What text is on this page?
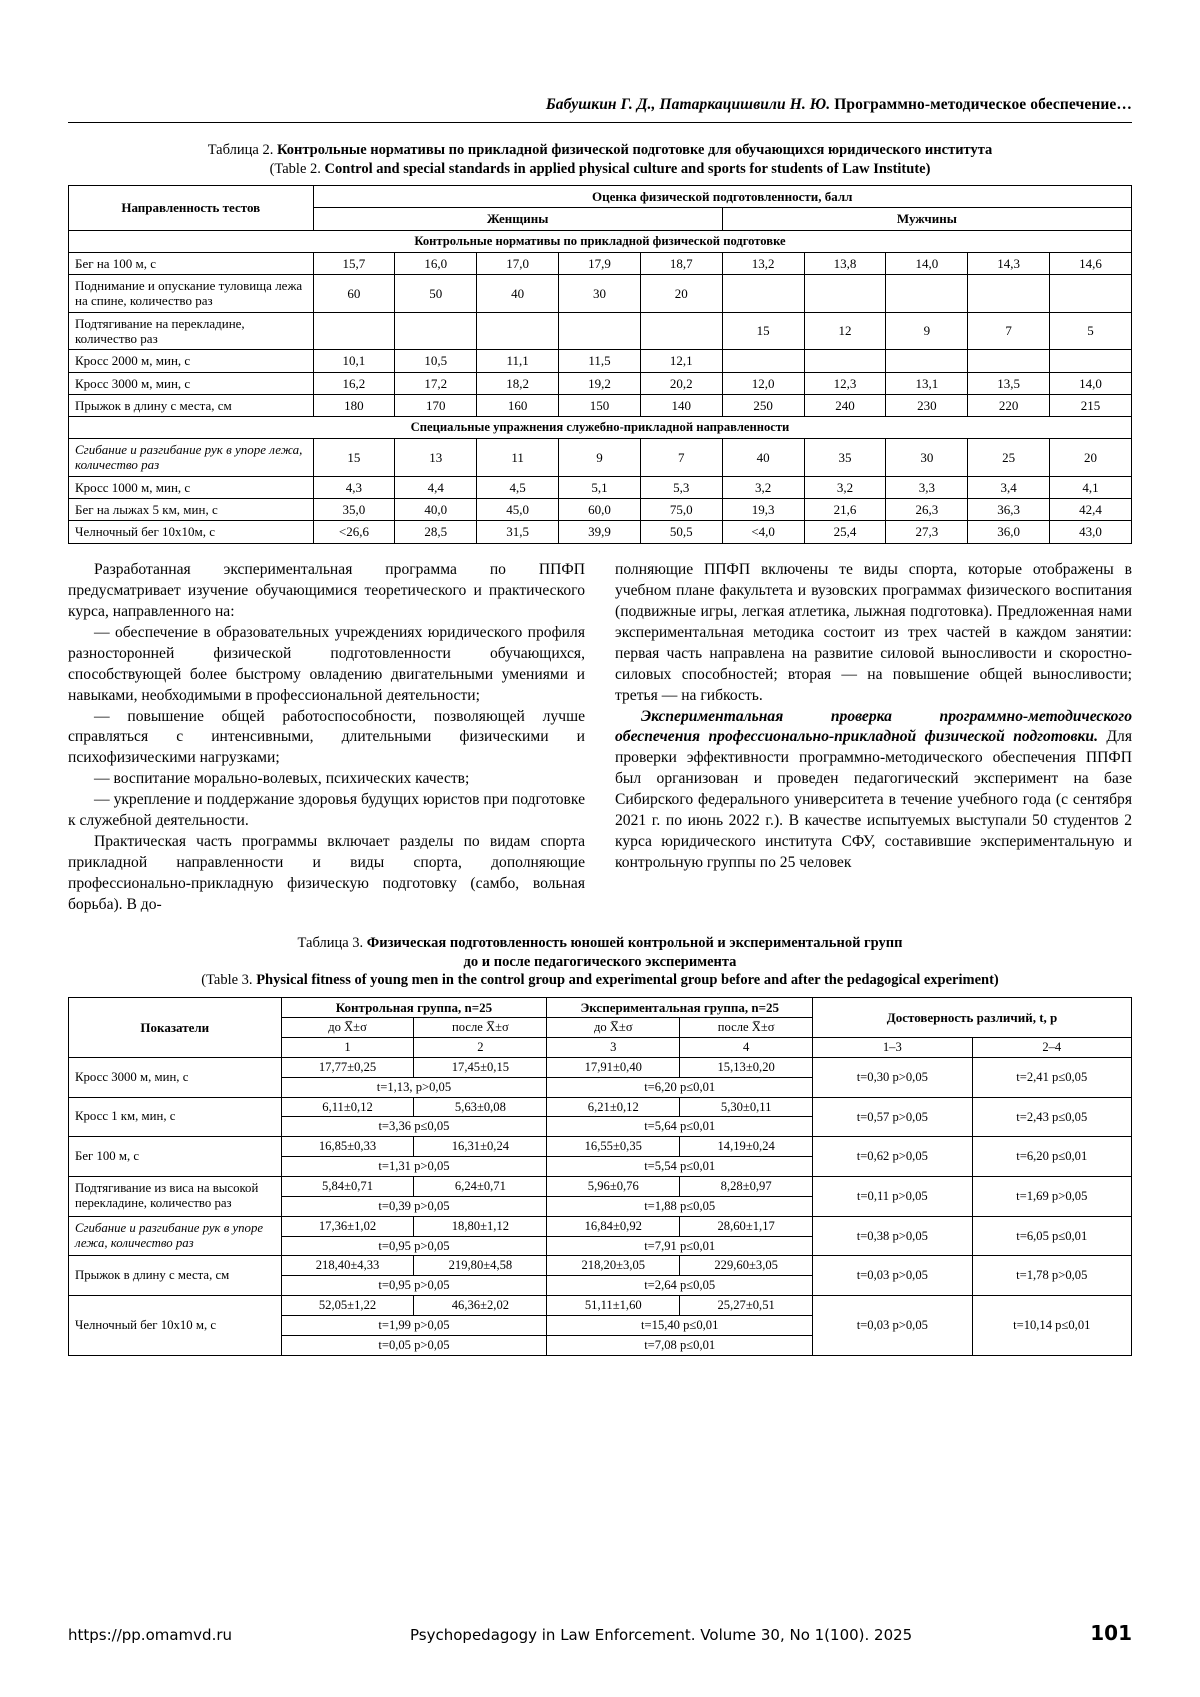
Бабушкин Г. Д., Патаркацишвили Н. Ю. Программно-методическое обеспечение…
Таблица 2. Контрольные нормативы по прикладной физической подготовке для обучающихся юридического института
(Table 2. Control and special standards in applied physical culture and sports for students of Law Institute)
Направленность тестов	Оценка физической подготовленности, балл									
	Женщины					Мужчины				
Контрольные нормативы по прикладной физической подготовке										
Бег на 100 м, с	15,7	16,0	17,0	17,9	18,7	13,2	13,8	14,0	14,3	14,6
Поднимание и опускание туловища лежа на спине, количество раз	60	50	40	30	20					
Подтягивание на перекладине, количество раз						15	12	9	7	5
Кросс 2000 м, мин, с	10,1	10,5	11,1	11,5	12,1					
Кросс 3000 м, мин, с	16,2	17,2	18,2	19,2	20,2	12,0	12,3	13,1	13,5	14,0
Прыжок в длину с места, см	180	170	160	150	140	250	240	230	220	215
Специальные упражнения служебно-прикладной направленности										
Сгибание и разгибание рук в упоре лежа, количество раз	15	13	11	9	7	40	35	30	25	20
Кросс 1000 м, мин, с	4,3	4,4	4,5	5,1	5,3	3,2	3,2	3,3	3,4	4,1
Бег на лыжах 5 км, мин, с	35,0	40,0	45,0	60,0	75,0	19,3	21,6	26,3	36,3	42,4
Челночный бег 10х10м, с	<26,6	28,5	31,5	39,9	50,5	<4,0	25,4	27,3	36,0	43,0

Разработанная экспериментальная программа по ППФП предусматривает изучение обучающимися теоретического и практического курса, направленного на:

— обеспечение в образовательных учреждениях юридического профиля разносторонней физической подготовленности обучающихся, способствующей более быстрому овладению двигательными умениями и навыками, необходимыми в профессиональной деятельности;

— повышение общей работоспособности, позволяющей лучше справляться с интенсивными, длительными физическими и психофизическими нагрузками;

— воспитание морально-волевых, психических качеств;

— укрепление и поддержание здоровья будущих юристов при подготовке к служебной деятельности.

Практическая часть программы включает разделы по видам спорта прикладной направленности и виды спорта, дополняющие профессионально-прикладную физическую подготовку (самбо, вольная борьба). В до-

полняющие ППФП включены те виды спорта, которые отображены в учебном плане факультета и вузовских программах физического воспитания (подвижные игры, легкая атлетика, лыжная подготовка). Предложенная нами экспериментальная методика состоит из трех частей в каждом занятии: первая часть направлена на развитие силовой выносливости и скоростно-силовых способностей; вторая — на повышение общей выносливости; третья — на гибкость.

Экспериментальная проверка программно-методического обеспечения профессионально-прикладной физической подготовки. Для проверки эффективности программно-методического обеспечения ППФП был организован и проведен педагогический эксперимент на базе Сибирского федерального университета в течение учебного года (с сентября 2021 г. по июнь 2022 г.). В качестве испытуемых выступали 50 студентов 2 курса юридического института СФУ, составившие экспериментальную и контрольную группы по 25 человек

Таблица 3. Физическая подготовленность юношей контрольной и экспериментальной групп
до и после педагогического эксперимента
(Table 3. Physical fitness of young men in the control group and experimental group before and after the pedagogical experiment)
Показатели	Контрольная группа, n=25		Экспериментальная группа, n=25		Достоверность различий, t, p	
	до X̅±σ	после X̅±σ	до X̅±σ	после X̅±σ		
	1	2	3	4	1–3	2–4
Кросс 3000 м, мин, с	17,77±0,25	17,45±0,15	17,91±0,40	15,13±0,20	t=0,30 p>0,05	t=2,41 p≤0,05
	t=1,13, p>0,05		t=6,20 p≤0,01			
Кросс 1 км, мин, с	6,11±0,12	5,63±0,08	6,21±0,12	5,30±0,11	t=0,57 p>0,05	t=2,43 p≤0,05
	t=3,36 p≤0,05		t=5,64 p≤0,01			
Бег 100 м, с	16,85±0,33	16,31±0,24	16,55±0,35	14,19±0,24	t=0,62 p>0,05	t=6,20 p≤0,01
	t=1,31 p>0,05		t=5,54 p≤0,01			
Подтягивание из виса на высокой перекладине, количество раз	5,84±0,71	6,24±0,71	5,96±0,76	8,28±0,97	t=0,11 p>0,05	t=1,69 p>0,05
	t=0,39 p>0,05		t=1,88 p≤0,05			
Сгибание и разгибание рук в упоре лежа, количество раз	17,36±1,02	18,80±1,12	16,84±0,92	28,60±1,17	t=0,38 p>0,05	t=6,05 p≤0,01
	t=0,95 p>0,05		t=7,91 p≤0,01			
Прыжок в длину с места, см	218,40±4,33	219,80±4,58	218,20±3,05	229,60±3,05	t=0,03 p>0,05	t=1,78 p>0,05
	t=0,95 p>0,05		t=2,64 p≤0,05			
Челночный бег 10х10 м, с	52,05±1,22	46,36±2,02	51,11±1,60	25,27±0,51	t=0,03 p>0,05	t=10,14 p≤0,01
	t=1,99 p>0,05		t=15,40 p≤0,01			
	t=0,05 p>0,05		t=7,08 p≤0,01			
https://pp.omamvd.ru	Psychopedagogy in Law Enforcement. Volume 30, No 1(100). 2025	101
